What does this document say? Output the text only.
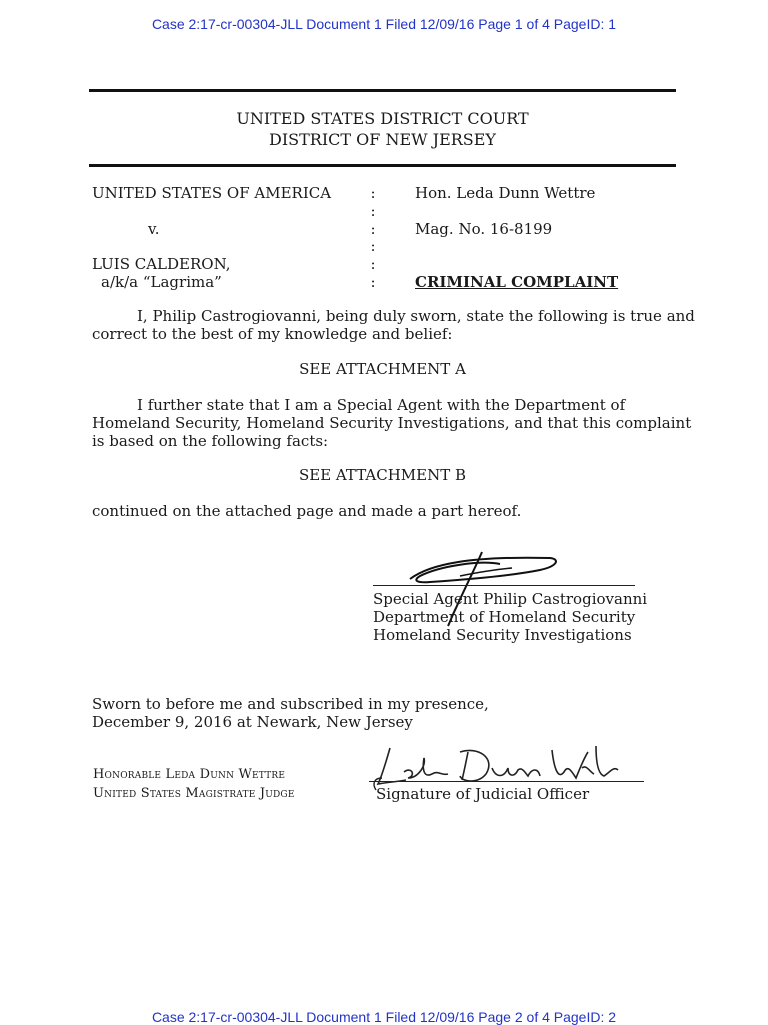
Case 2:17-cr-00304-JLL Document 1 Filed 12/09/16 Page 1 of 4 PageID: 1
UNITED STATES DISTRICT COURT
DISTRICT OF NEW JERSEY
UNITED STATES OF AMERICA
v.
LUIS CALDERON,
a/k/a “Lagrima”
:
:
:
:
:
:
Hon. Leda Dunn Wettre
Mag. No. 16-8199
CRIMINAL COMPLAINT
I, Philip Castrogiovanni, being duly sworn, state the following is true and
correct to the best of my knowledge and belief:
SEE ATTACHMENT A
I further state that I am a Special Agent with the Department of
Homeland Security, Homeland Security Investigations, and that this complaint
is based on the following facts:
SEE ATTACHMENT B
continued on the attached page and made a part hereof.
Special Agent Philip Castrogiovanni
Department of Homeland Security
Homeland Security Investigations
Sworn to before me and subscribed in my presence,
December 9, 2016 at Newark, New Jersey
Honorable Leda Dunn Wettre
United States Magistrate Judge	Signature of Judicial Officer
Case 2:17-cr-00304-JLL Document 1 Filed 12/09/16 Page 2 of 4 PageID: 2
